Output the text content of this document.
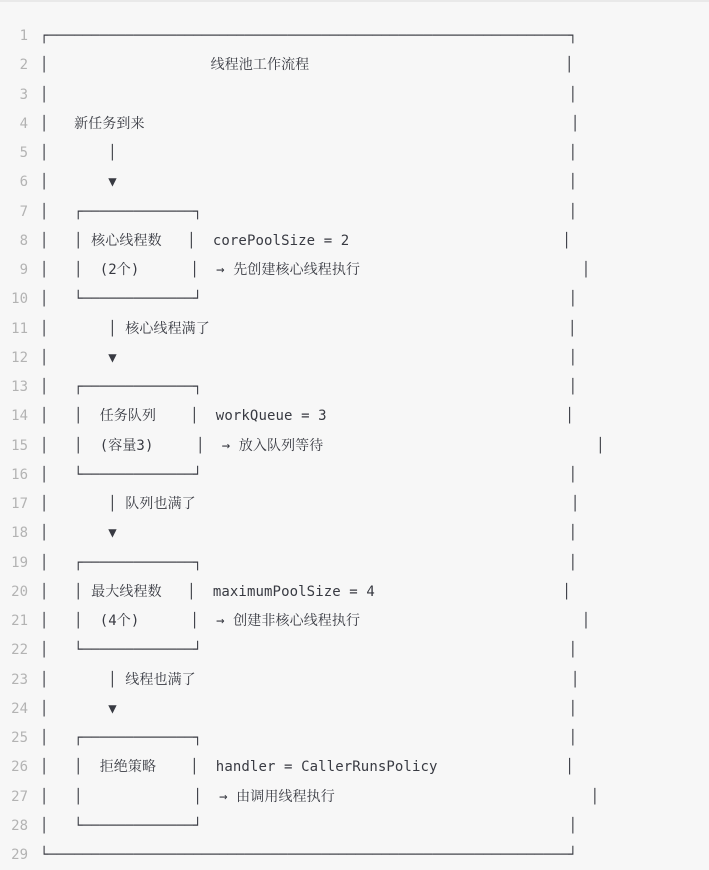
1 ┌─────────────────────────────────────────────────────────────┐
2 │                   线程池工作流程                              │
3 │                                                             │
4 │   新任务到来                                                  │
5 │       │                                                     │
6 │       ▼                                                     │
7 │   ┌─────────────┐                                           │
8 │   │ 核心线程数   │  corePoolSize = 2                         │
9 │   │  (2个)      │  → 先创建核心线程执行                          │
10 │   └─────────────┘                                           │
11 │       │ 核心线程满了                                          │
12 │       ▼                                                     │
13 │   ┌─────────────┐                                           │
14 │   │  任务队列    │  workQueue = 3                            │
15 │   │  (容量3)     │  → 放入队列等待                                │
16 │   └─────────────┘                                           │
17 │       │ 队列也满了                                            │
18 │       ▼                                                     │
19 │   ┌─────────────┐                                           │
20 │   │ 最大线程数   │  maximumPoolSize = 4                      │
21 │   │  (4个)      │  → 创建非核心线程执行                          │
22 │   └─────────────┘                                           │
23 │       │ 线程也满了                                            │
24 │       ▼                                                     │
25 │   ┌─────────────┐                                           │
26 │   │  拒绝策略    │  handler = CallerRunsPolicy               │
27 │   │             │  → 由调用线程执行                              │
28 │   └─────────────┘                                           │
29 └─────────────────────────────────────────────────────────────┘
